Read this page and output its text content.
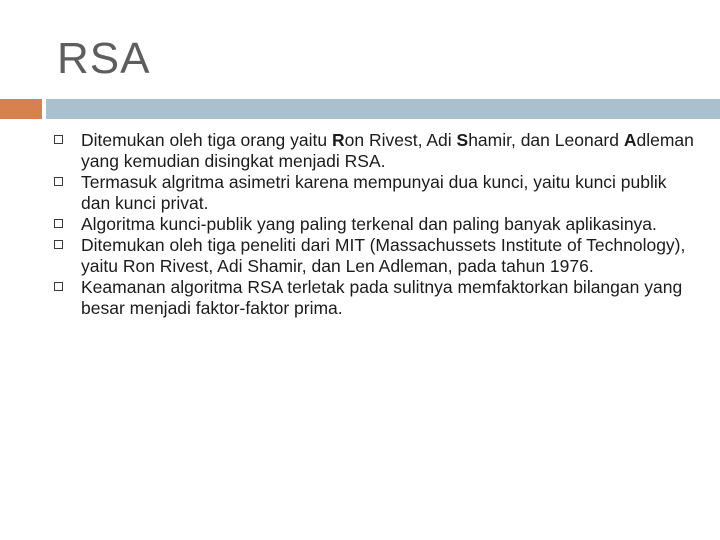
RSA
Ditemukan oleh tiga orang yaitu Ron Rivest, Adi Shamir, dan Leonard Adleman yang kemudian disingkat menjadi RSA.
Termasuk algritma asimetri karena mempunyai dua kunci, yaitu kunci publik dan kunci privat.
Algoritma kunci-publik yang paling terkenal dan paling banyak aplikasinya.
Ditemukan oleh tiga peneliti dari MIT (Massachussets Institute of Technology), yaitu Ron Rivest, Adi Shamir, dan Len Adleman, pada tahun 1976.
Keamanan algoritma RSA terletak pada sulitnya memfaktorkan bilangan yang besar menjadi faktor-faktor prima.
